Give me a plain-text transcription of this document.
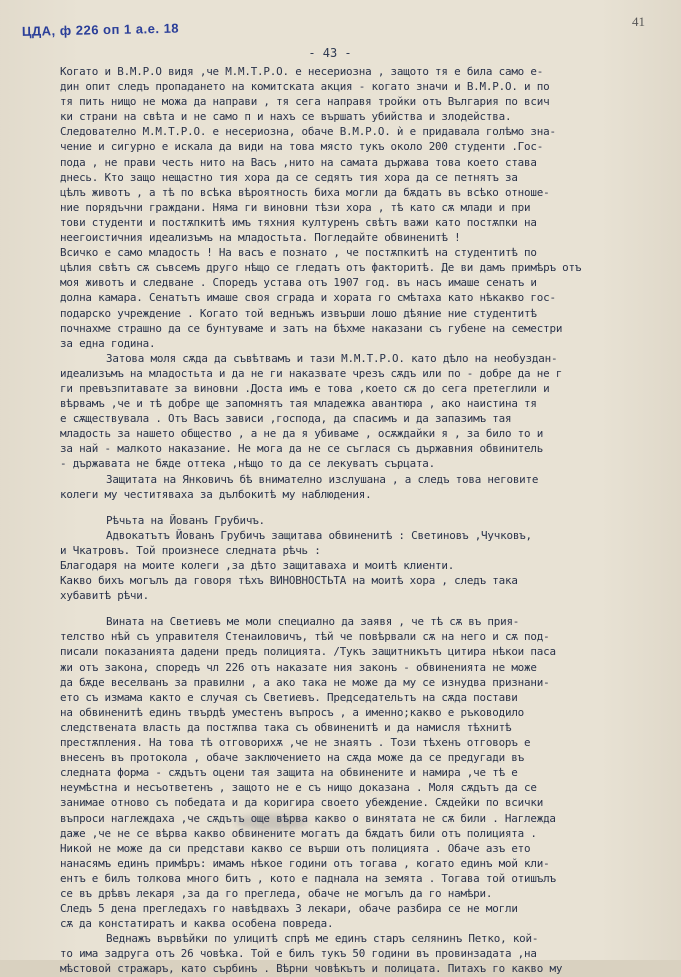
ЦДА, ф 226 оп 1 а.е. 18	41
- 43 -
Когато и В.М.Р.О видя ,че М.М.Т.Р.О. е несериозна , защото тя е била само е-
дин опит следъ пропадането на комитската акция - когато значи и В.М.Р.О. и по
тя пить нищо не можа да направи , тя сега направя тройки отъ Вългария по всич
ки страни на свѣта и не само п и нахъ се вършатъ убийства и злодейства.
Следователно М.М.Т.Р.О. е несериозна, обаче В.М.Р.О. ѝ е придавала голѣмо зна-
чение и сигурно е искала да види на това място тукъ около 200 студенти .Гос-
пода , не прави честь нито на Васъ ,нито на самата държава това което става
днесь. Кто защо нещастно тия хора да се седятъ тия хора да се петнятъ за
цѣлъ животъ , а тѣ по всѣка вѣроятность биха могли да бѫдатъ въ всѣко отноше-
ние порядъчни граждани. Няма ги виновни тѣзи хора , тѣ като сѫ млади и при
тови студенти и постѫпкитѣ имъ тяхния културенъ свѣтъ важи като постѫпки на
неегоистичния идеализъмъ на младостьта. Погледайте обвиненитѣ !
Всичко е само младость ! На васъ е познато , че постѫпкитѣ на студентитѣ по
цѣлия свѣтъ сѫ съвсемъ друго нѣщо се гледатъ отъ факторитѣ. Де ви дамъ примѣръ отъ
моя животъ и следване . Споредъ устава отъ 1907 год. въ насъ имаше сенатъ и
долна камара. Сенатътъ имаше своя сграда и хората го смѣтаха като нѣкакво гос-
подарско учреждение . Когато той веднъжъ извърши лошо дѣяние ние студентитѣ
почнахме страшно да се бунтуваме и затъ на бѣхме наказани съ губене на семестри
за една година.
Затова моля сѫда да съвѣтвамъ и тази М.М.Т.Р.О. като дѣло на необуздан-
идеализъмъ на младостьта и да не ги наказвате чрезъ сѫдъ или по - добре да не г
ги превъзпитавате за виновни .Доста имъ е това ,което сѫ до сега претеглили и
вѣрвамъ ,че и тѣ добре ще запомнятъ тая младежка авантюра , ако наистина тя
е сѫществувала . Отъ Васъ зависи ,господа, да спасимъ и да запазимъ тая
младость за нашето общество , а не да я убиваме , осѫждайки я , за било то и
за най - малкото наказание. Не мога да не се съглася съ държавния обвинитель
- държавата не бѫде оттека ,нѣщо то да се лекуватъ сърцата.
Защитата на Янковичъ бѣ внимателно изслушана , а следъ това неговите
колеги му честитяваха за дълбокитѣ му наблюдения.
Рѣчьта на Йованъ Грубичъ.
Адвокатътъ Йованъ Грубичъ защитава обвиненитѣ : Светиновъ ,Чучковъ,
и Чкатровъ. Той произнесе следната рѣчь :
Благодаря на моите колеги ,за дѣто защитаваха и моитѣ клиенти.
Какво бихъ могълъ да говоря тѣхъ ВИНОВНОСТЬТА на моитѣ хора , следъ така
хубавитѣ рѣчи.
Вината на Светиевъ ме моли специално да заявя , че тѣ сѫ въ прия-
телство нѣй съ управителя Стенаиловичъ, тѣй че повѣрвали сѫ на него и сѫ под-
писали показанията дадени предъ полицията. /Тукъ защитникътъ цитира нѣкои паса
жи отъ закона, споредъ чл 226 отъ наказате ния законъ - обвиненията не може
да бѫде веселванъ за правилни , а ако така не може да му се изнудва признани-
ето съ измама както е случая съ Светиевъ. Председательтъ на сѫда постави
на обвиненитѣ единъ твърдѣ уместенъ въпросъ , а именно;какво е ръководило
следствената власть да постѫпва така съ обвиненитѣ и да намисля тѣхнитѣ
престѫпления. На това тѣ отговорихѫ ,че не знаятъ . Този тѣхенъ отговоръ е
внесенъ въ протокола , обаче заключението на сѫда може да се предугади въ
следната форма - сѫдътъ оцени тая защита на обвинените и намира ,че тѣ е
неумѣстна и несъответенъ , защото не е съ нищо доказана . Моля сѫдътъ да се
занимае отново съ победата и да коригира своето убеждение. Сѫдейки по всички
въпроси наглеждаха ,че сѫдътъ още вѣрва какво о винятата не сѫ били . Наглежда
даже ,че не се вѣрва какво обвинените могатъ да бѫдатъ били отъ полицията .
Никой не може да си представи какво се върши отъ полицията . Обаче азъ ето
нанасямъ единъ примѣръ: имамъ нѣкое години отъ тогава , когато единъ мой кли-
ентъ е билъ толкова много битъ , кото е паднала на земята . Тогава той отишълъ
се въ дрѣвъ лекаря ,за да го прегледа, обаче не могълъ да го намѣри.
Следъ 5 дена прегледахъ го навѣдвахъ 3 лекари, обаче разбира се не могли
сѫ да констатиратъ и каква особена повреда.
Веднажъ вървѣйки по улицитѣ спрѣ ме единъ старъ селянинъ Петко, кой-
то има задруга отъ 26 човѣка. Той е билъ тукъ 50 години въ провинзадата ,на
мѣстовой стражаръ, като сърбинъ . Вѣрни човѣкътъ и полицата. Питахъ го какво му
